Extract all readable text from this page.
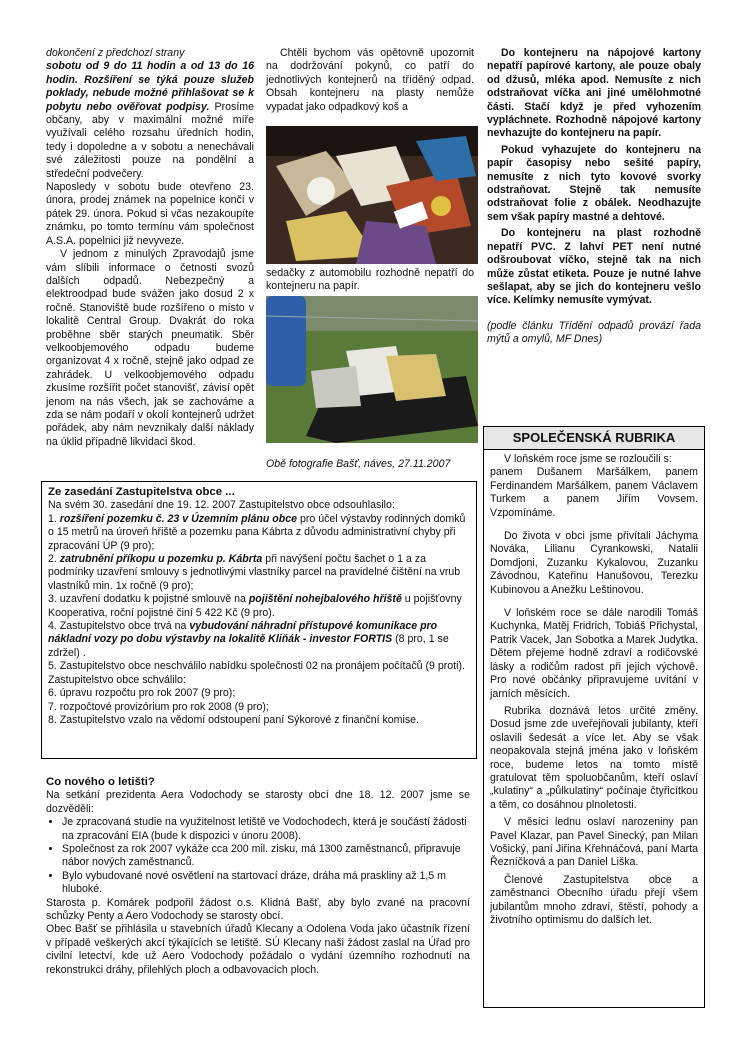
dokončení z předchozí strany

sobotu od 9 do 11 hodin a od 13 do 16 hodin. Rozšíření se týká pouze služeb poklady, nebude možné přihlašovat se k pobytu nebo ověřovat podpisy. Prosíme občany, aby v maximální možné míře využívali celého rozsahu úředních hodin, tedy i dopoledne a v sobotu a nenechávali své záležitosti pouze na pondělní a středeční podvečery.

Naposledy v sobotu bude otevřeno 23. února, prodej známek na popelnice končí v pátek 29. února. Pokud si včas nezakoupíte známku, po tomto termínu vám společnost A.S.A. popelnici již nevyveze.

V jednom z minulých Zpravodajů jsme vám slíbili informace o četnosti svozů dalších odpadů. Nebezpečný a elektroodpad bude svážen jako dosud 2 x ročně. Stanoviště bude rozšířeno o místo v lokalitě Central Group. Dvakrát do roka proběhne sběr starých pneumatik. Sběr velkoobjemového odpadu budeme organizovat 4 x ročně, stejně jako odpad ze zahrádek. U velkoobjemového odpadu zkusíme rozšířit počet stanovišť, závisí opět jenom na nás všech, jak se zachováme a zda se nám podaří v okolí kontejnerů udržet pořádek, aby nám nevznikaly další náklady na úklid případně likvidaci škod.

Chtěli bychom vás opětovně upozornit na dodržování pokynů, co patří do jednotlivých kontejnerů na tříděný odpad. Obsah kontejneru na plasty nemůže vypadat jako odpadkový koš a

sedačky z automobilu rozhodně nepatří do kontejneru na papír.

Obě fotografie Bašť, náves, 27.11.2007

Do kontejneru na nápojové kartony nepatří papírové kartony, ale pouze obaly od džusů, mléka apod. Nemusíte z nich odstraňovat víčka ani jiné umělohmotné části. Stačí když je před vyhozením vypláchnete. Rozhodně nápojové kartony nevhazujte do kontejneru na papír.

Pokud vyhazujete do kontejneru na papír časopisy nebo sešité papíry, nemusíte z nich tyto kovové svorky odstraňovat. Stejně tak nemusíte odstraňovat folie z obálek. Neodhazujte sem však papíry mastné a dehtové.

Do kontejneru na plast rozhodně nepatří PVC. Z lahví PET není nutné odšroubovat víčko, stejně tak na nich může zůstat etiketa. Pouze je nutné lahve sešlapat, aby se jich do kontejneru vešlo více. Kelímky nemusíte vymývat.

(podle článku Třídění odpadů provází řada mýtů a omylů, MF Dnes)

SPOLEČENSKÁ RUBRIKA

V loňském roce jsme se rozloučili s:

panem Dušanem Maršálkem, panem Ferdinandem Maršálkem, panem Václavem Turkem a panem Jiřím Vovsem. Vzpomínáme.

Do života v obci jsme přivítali Jáchyma Nováka, Lilianu Cyrankowski, Natalii Domdjoni, Zuzanku Kykalovou, Zuzanku Závodnou, Kateřinu Hanušovou, Terezku Kubinovou a Anežku Leštinovou.

V loňském roce se dále narodili Tomáš Kuchynka, Matěj Fridrich, Tobiáš Přichystal, Patrik Vacek, Jan Sobotka a Marek Judytka. Dětem přejeme hodně zdraví a rodičovské lásky a rodičům radost při jejich výchově. Pro nové občánky připravujeme uvítání v jarních měsících.

Rubrika doznává letos určité změny. Dosud jsme zde uveřejňovali jubilanty, kteří oslavili šedesát a více let. Aby se však neopakovala stejná jména jako v loňském roce, budeme letos na tomto místě gratulovat těm spoluobčanům, kteří oslaví „kulatiny“ a „půlkulatiny“ počínaje čtyřicítkou a těm, co dosáhnou plnoletosti.

V měsíci lednu oslaví narozeniny pan Pavel Klazar, pan Pavel Sinecký, pan Milan Vošický, paní Jiřina Křehnáčová, paní Marta Řezníčková a pan Daniel Liška.

Členové Zastupitelstva obce a zaměstnanci Obecního úřadu přejí všem jubilantům mnoho zdraví, štěstí, pohody a životního optimismu do dalších let.

Ze zasedání Zastupitelstva obce ...

Na svém 30. zasedání dne 19. 12. 2007 Zastupitelstvo obce odsouhlasilo:

1. rozšíření pozemku č. 23 v Územním plánu obce pro účel výstavby rodinných domků o 15 metrů na úroveň hřiště a pozemku pana Kábrta z důvodu administrativní chyby při zpracování ÚP (9 pro);

2. zatrubnění příkopu u pozemku p. Kábrta při navýšení počtu šachet o 1 a za podmínky uzavření smlouvy s jednotlivými vlastníky parcel na pravidelné čištění na vrub vlastníků min. 1x ročně (9 pro);

3. uzavření dodatku k pojistné smlouvě na pojištění nohejbalového hřiště u pojišťovny Kooperativa, roční pojistné činí 5 422 Kč (9 pro).

4. Zastupitelstvo obce trvá na vybudování náhradní přístupové komunikace pro nákladní vozy po dobu výstavby na lokalitě Kliňák - investor FORTIS (8 pro, 1 se zdržel) .

5. Zastupitelstvo obce neschválilo nabídku společnosti 02 na pronájem počítačů (9 proti).

Zastupitelstvo obce schválilo:

6. úpravu rozpočtu pro rok 2007 (9 pro);

7. rozpočtové provizórium pro rok 2008 (9 pro);

8. Zastupitelstvo vzalo na vědomí odstoupení paní Sýkorové z finanční komise.

Co nového o letišti?

Na setkání prezidenta Aera Vodochody se starosty obcí dne 18. 12. 2007 jsme se dozvěděli:

• Je zpracovaná studie na využitelnost letiště ve Vodochodech, která je součástí žádosti na zpracování EIA (bude k dispozici v únoru 2008).
• Společnost za rok 2007 vykáže cca 200 mil. zisku, má 1300 zaměstnanců, připravuje nábor nových zaměstnanců.
• Bylo vybudované nové osvětlení na startovací dráze, dráha má praskliny až 1,5 m hluboké.

Starosta p. Komárek podpořil žádost o.s. Klidná Bašť, aby bylo zvané na pracovní schůzky Penty a Aero Vodochody se starosty obcí.

Obec Bašť se přihlásila u stavebních úřadů Klecany a Odolena Voda jako účastník řízení v případě veškerých akcí týkajících se letiště. SÚ Klecany naši žádost zaslal na Úřad pro civilní letectví, kde už Aero Vodochody požádalo o vydání územního rozhodnutí na rekonstrukci dráhy, přilehlých ploch a odbavovacích ploch.
